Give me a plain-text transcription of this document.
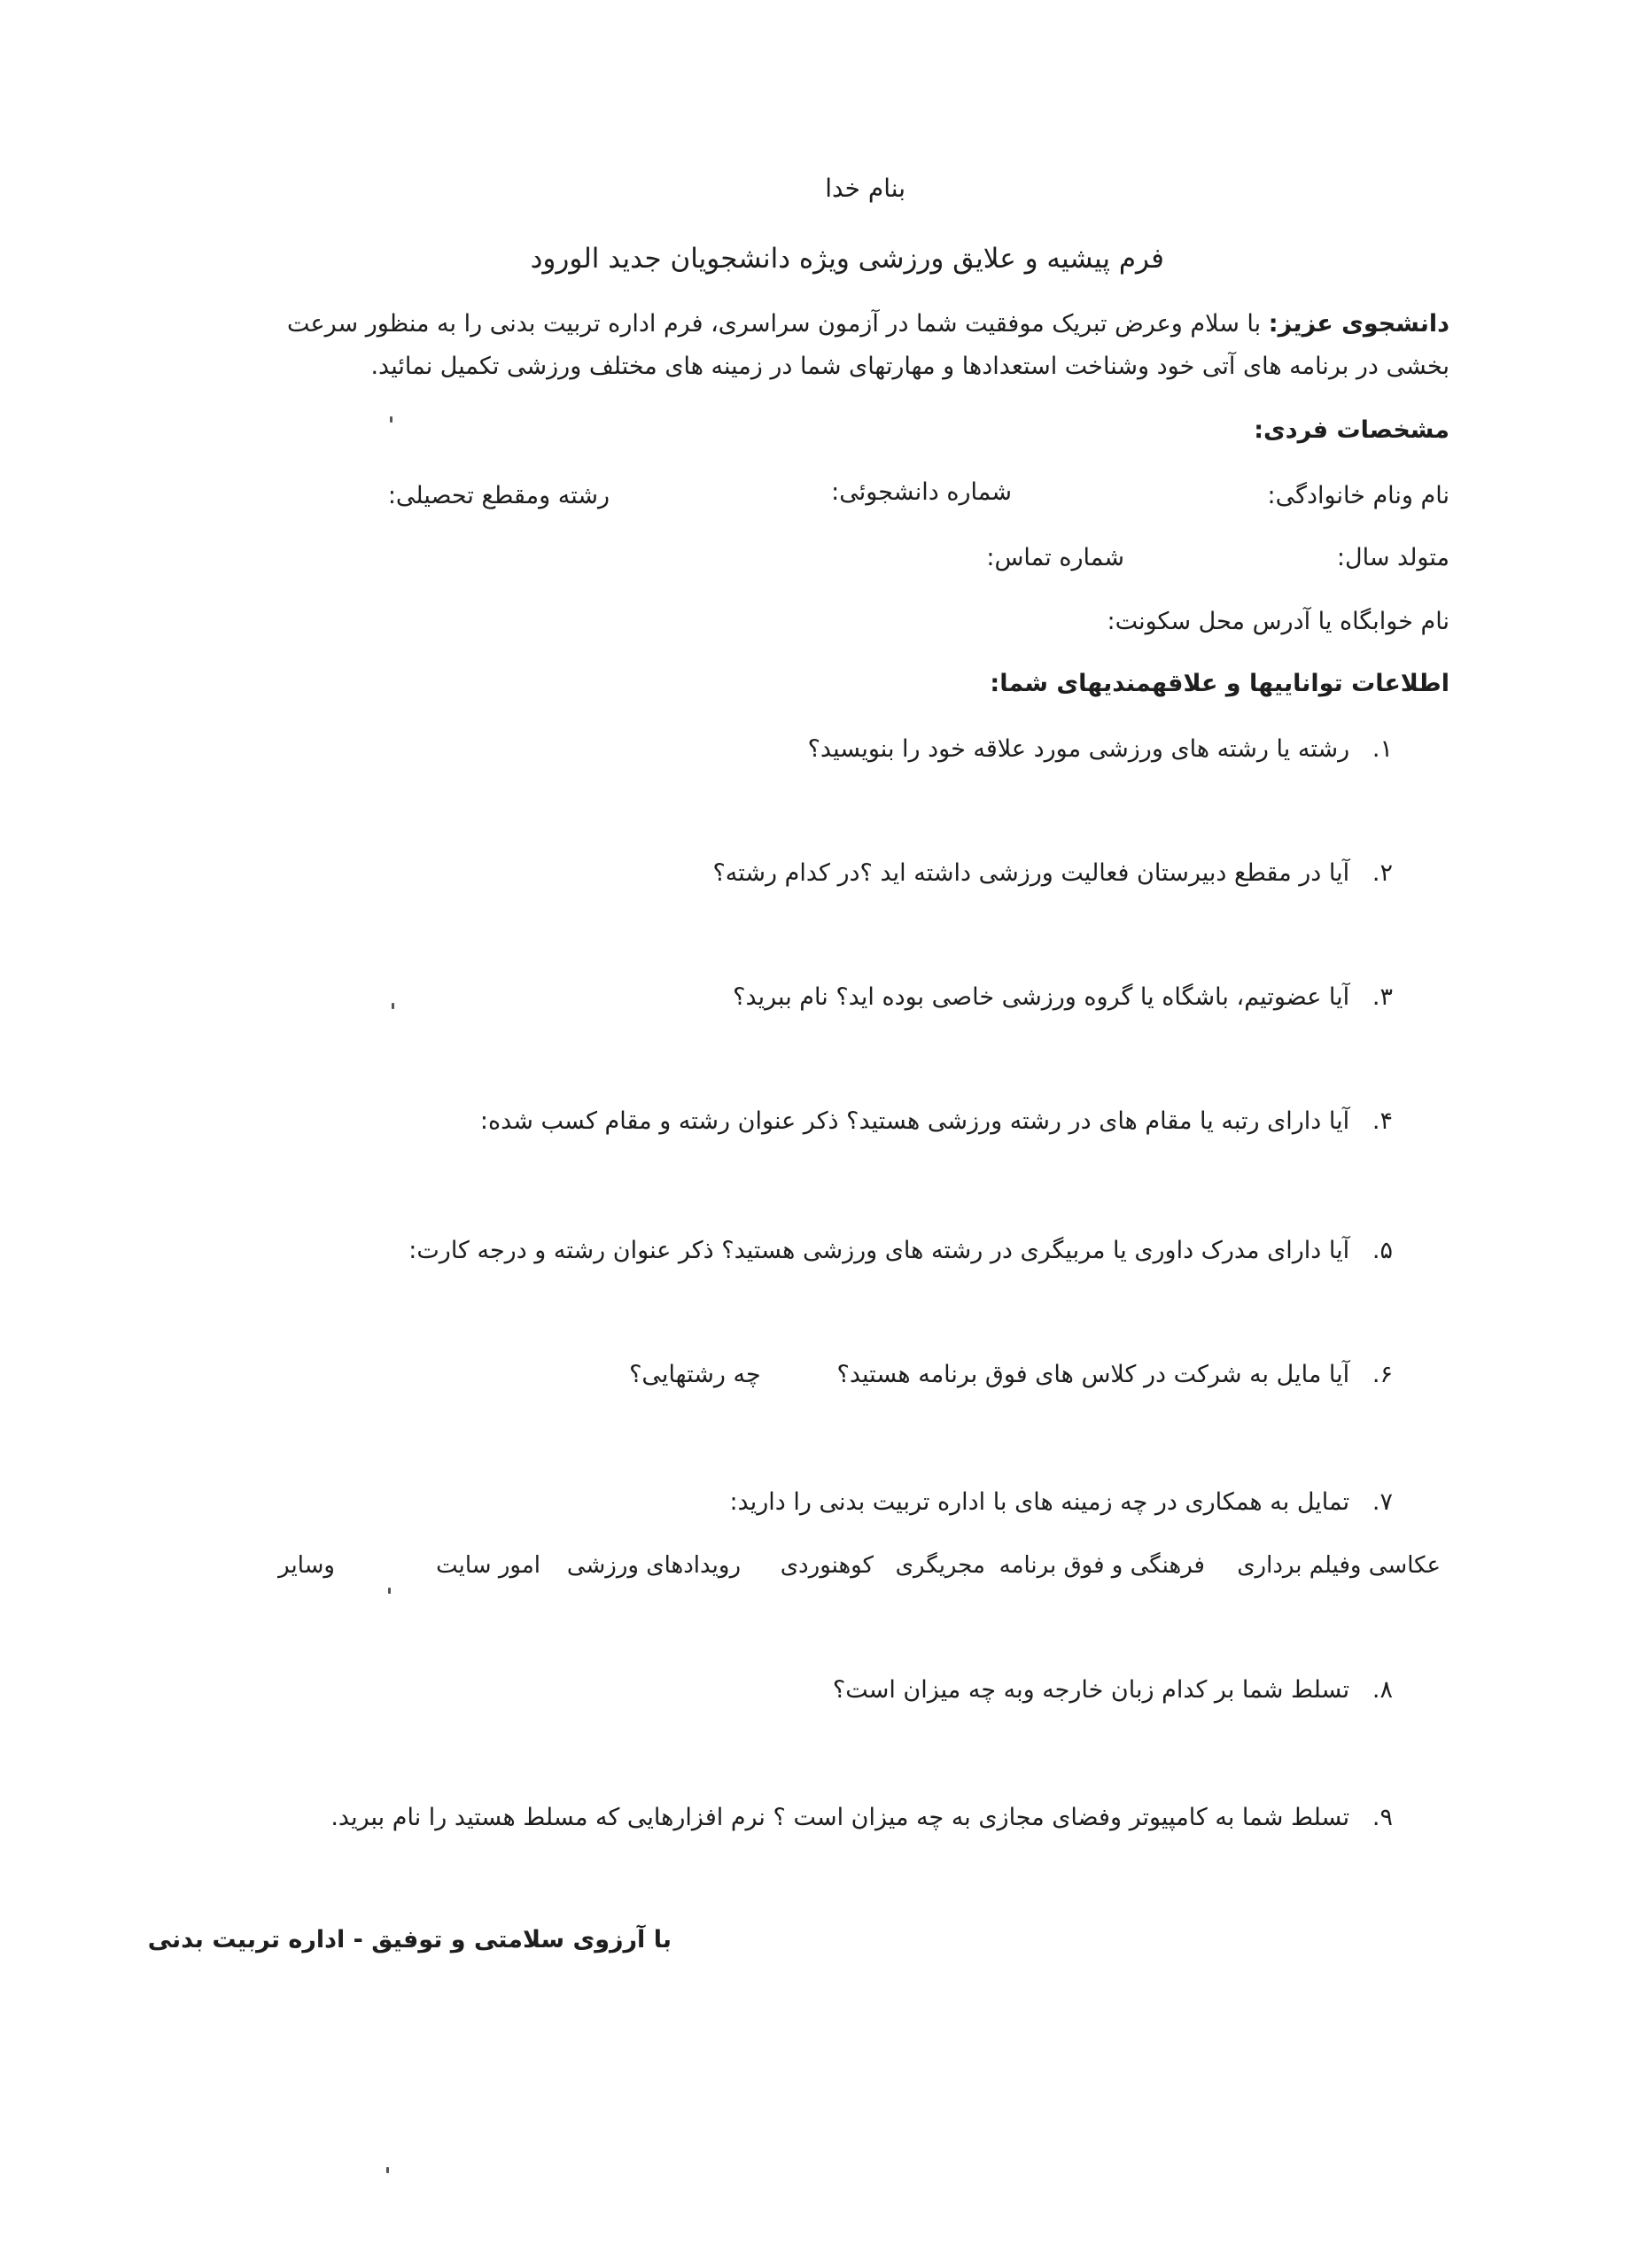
بنام خدا

فرم پیشیه و علایق ورزشی ویژه دانشجویان جدید الورود

دانشجوی عزیز: با سلام وعرض تبریک موفقیت شما در آزمون سراسری، فرم اداره تربیت بدنی را به منظور سرعت

بخشی در برنامه های آتی خود وشناخت استعدادها و مهارتهای شما در زمینه های مختلف ورزشی تکمیل نمائید.

مشخصات فردی:

نام ونام خانوادگی:

شماره دانشجوئی:

رشته ومقطع تحصیلی:

متولد سال:

شماره تماس:

نام خوابگاه یا آدرس محل سکونت:

اطلاعات تواناییها و علاقهمندیهای شما:

۱.   رشته یا رشته های ورزشی مورد علاقه خود را بنویسید؟

۲.   آیا در مقطع دبیرستان فعالیت ورزشی داشته اید ؟در کدام رشته؟

۳.   آیا عضوتیم، باشگاه یا گروه ورزشی خاصی بوده اید؟ نام ببرید؟

۴.   آیا دارای رتبه یا مقام های در رشته ورزشی هستید؟ ذکر عنوان رشته و مقام کسب شده:

۵.   آیا دارای مدرک داوری یا مربیگری در رشته های ورزشی هستید؟ ذکر عنوان رشته و درجه کارت:

۶.   آیا مایل به شرکت در کلاس های فوق برنامه هستید؟          چه رشتهایی؟

۷.   تمایل به همکاری در چه زمینه های با اداره تربیت بدنی را دارید:

عکاسی وفیلم برداری

فرهنگی و فوق برنامه

مجریگری

کوهنوردی

رویدادهای ورزشی

امور سایت

وسایر

۸.   تسلط شما بر کدام زبان خارجه وبه چه میزان است؟

۹.   تسلط شما به کامپیوتر وفضای مجازی به چه میزان است ؟ نرم افزارهایی که مسلط هستید را نام ببرید.

با آرزوی سلامتی و توفیق - اداره تربیت بدنی
